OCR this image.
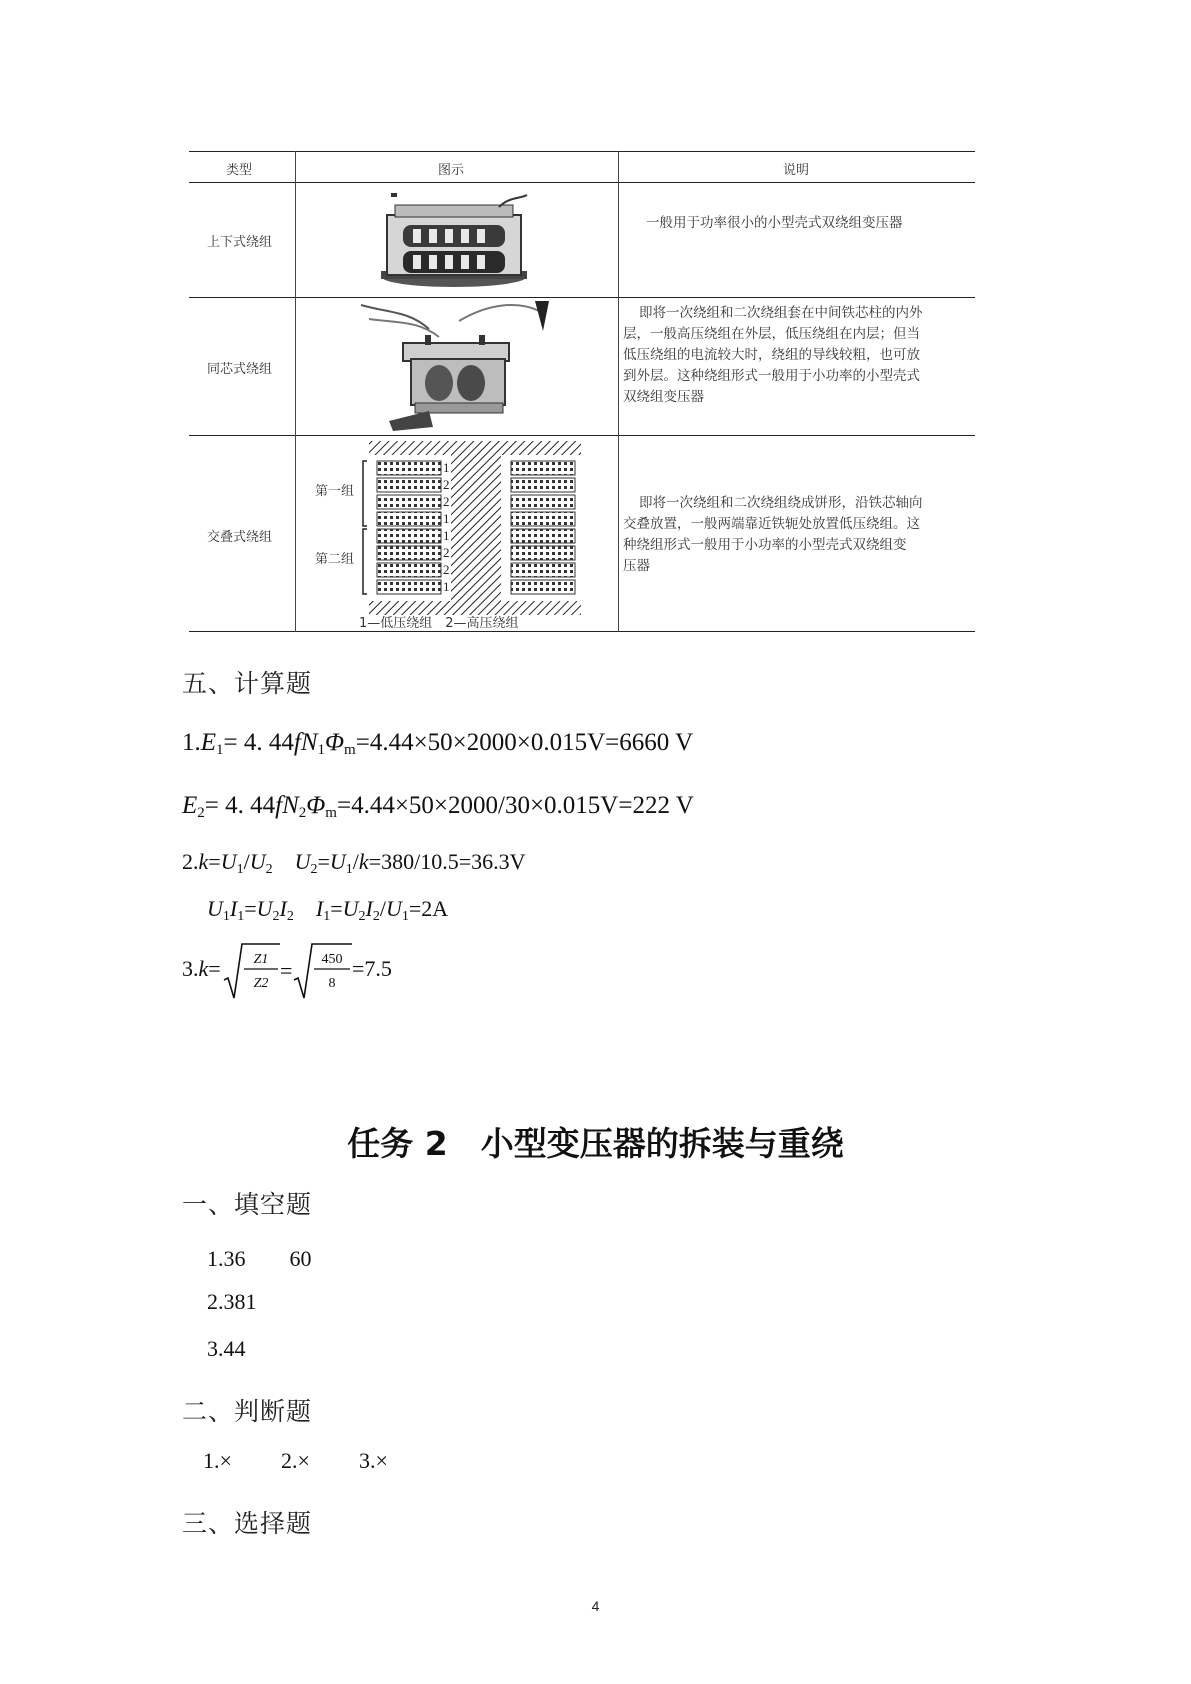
类型	图示	说明
上下式绕组
一般用于功率很小的小型壳式双绕组变压器
同芯式绕组
即将一次绕组和二次绕组套在中间铁芯柱的内外
层，一般高压绕组在外层，低压绕组在内层；但当
低压绕组的电流较大时，绕组的导线较粗，也可放
到外层。这种绕组形式一般用于小功率的小型壳式
双绕组变压器
交叠式绕组
1
2
2
1
1
2
2
1
第一组
第二组
1—低压绕组　2—高压绕组
即将一次绕组和二次绕组绕成饼形，沿铁芯轴向
交叠放置，一般两端靠近铁轭处放置低压绕组。这
种绕组形式一般用于小功率的小型壳式双绕组变
压器
五、计算题
$1.E_1= 4$. $44fN_1\Phi_m=4.44\times 50\times 2000\times 0.015V=6660$ V
$E_2= 4$. $44fN_2\Phi_m=4.44\times 50\times 2000/30\times 0.015V=222$ V
$2.k=U_1/U_2$ $U_2=U_1/k=380/10.5=36.3V$
$U_1I_1=U_2I_2$ $I_1=U_2I_2/U_1=2A$
3.k= Z1
Z2
= 450
8
=7.5
任务 2　小型变压器的拆装与重绕
一、填空题
1.36　　60
2.381
3.44
二、判断题
1.× 2.× 3.×
三、选择题
4
